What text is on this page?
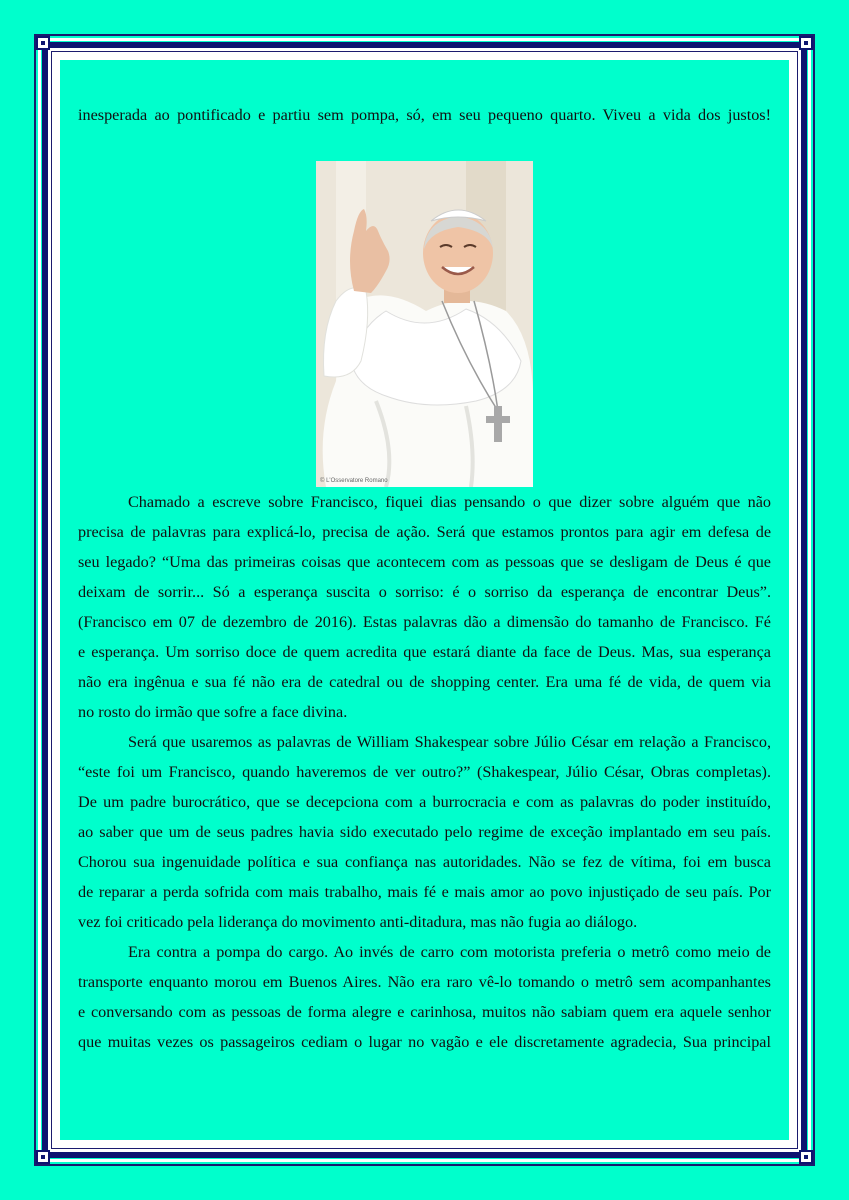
inesperada ao pontificado e partiu sem pompa, só, em seu pequeno quarto. Viveu a vida dos justos!

© L'Osservatore Romano

Chamado a escreve sobre Francisco, fiquei dias pensando o que dizer sobre alguém que não

precisa de palavras para explicá-lo, precisa de ação. Será que estamos prontos para agir em defesa de

seu legado? “Uma das primeiras coisas que acontecem com as pessoas que se desligam de Deus é que

deixam de sorrir... Só a esperança suscita o sorriso: é o sorriso da esperança de encontrar Deus”.

(Francisco em 07 de dezembro de 2016). Estas palavras dão a dimensão do tamanho de Francisco. Fé

e esperança. Um sorriso doce de quem acredita que estará diante da face de Deus. Mas, sua esperança

não era ingênua e sua fé não era de catedral ou de shopping center. Era uma fé de vida, de quem via

no rosto do irmão que sofre a face divina.

Será que usaremos as palavras de William Shakespear sobre Júlio César em relação a Francisco,

“este foi um Francisco, quando haveremos de ver outro?” (Shakespear, Júlio César, Obras completas).

De um padre burocrático, que se decepciona com a burrocracia e com as palavras do poder instituído,

ao saber que um de seus padres havia sido executado pelo regime de exceção implantado em seu país.

Chorou sua ingenuidade política e sua confiança nas autoridades. Não se fez de vítima, foi em busca

de reparar a perda sofrida com mais trabalho, mais fé e mais amor ao povo injustiçado de seu país. Por

vez foi criticado pela liderança do movimento anti-ditadura, mas não fugia ao diálogo.

Era contra a pompa do cargo. Ao invés de carro com motorista preferia o metrô como meio de

transporte enquanto morou em Buenos Aires. Não era raro vê-lo tomando o metrô sem acompanhantes

e conversando com as pessoas de forma alegre e carinhosa, muitos não sabiam quem era aquele senhor

que muitas vezes os passageiros cediam o lugar no vagão e ele discretamente agradecia, Sua principal
